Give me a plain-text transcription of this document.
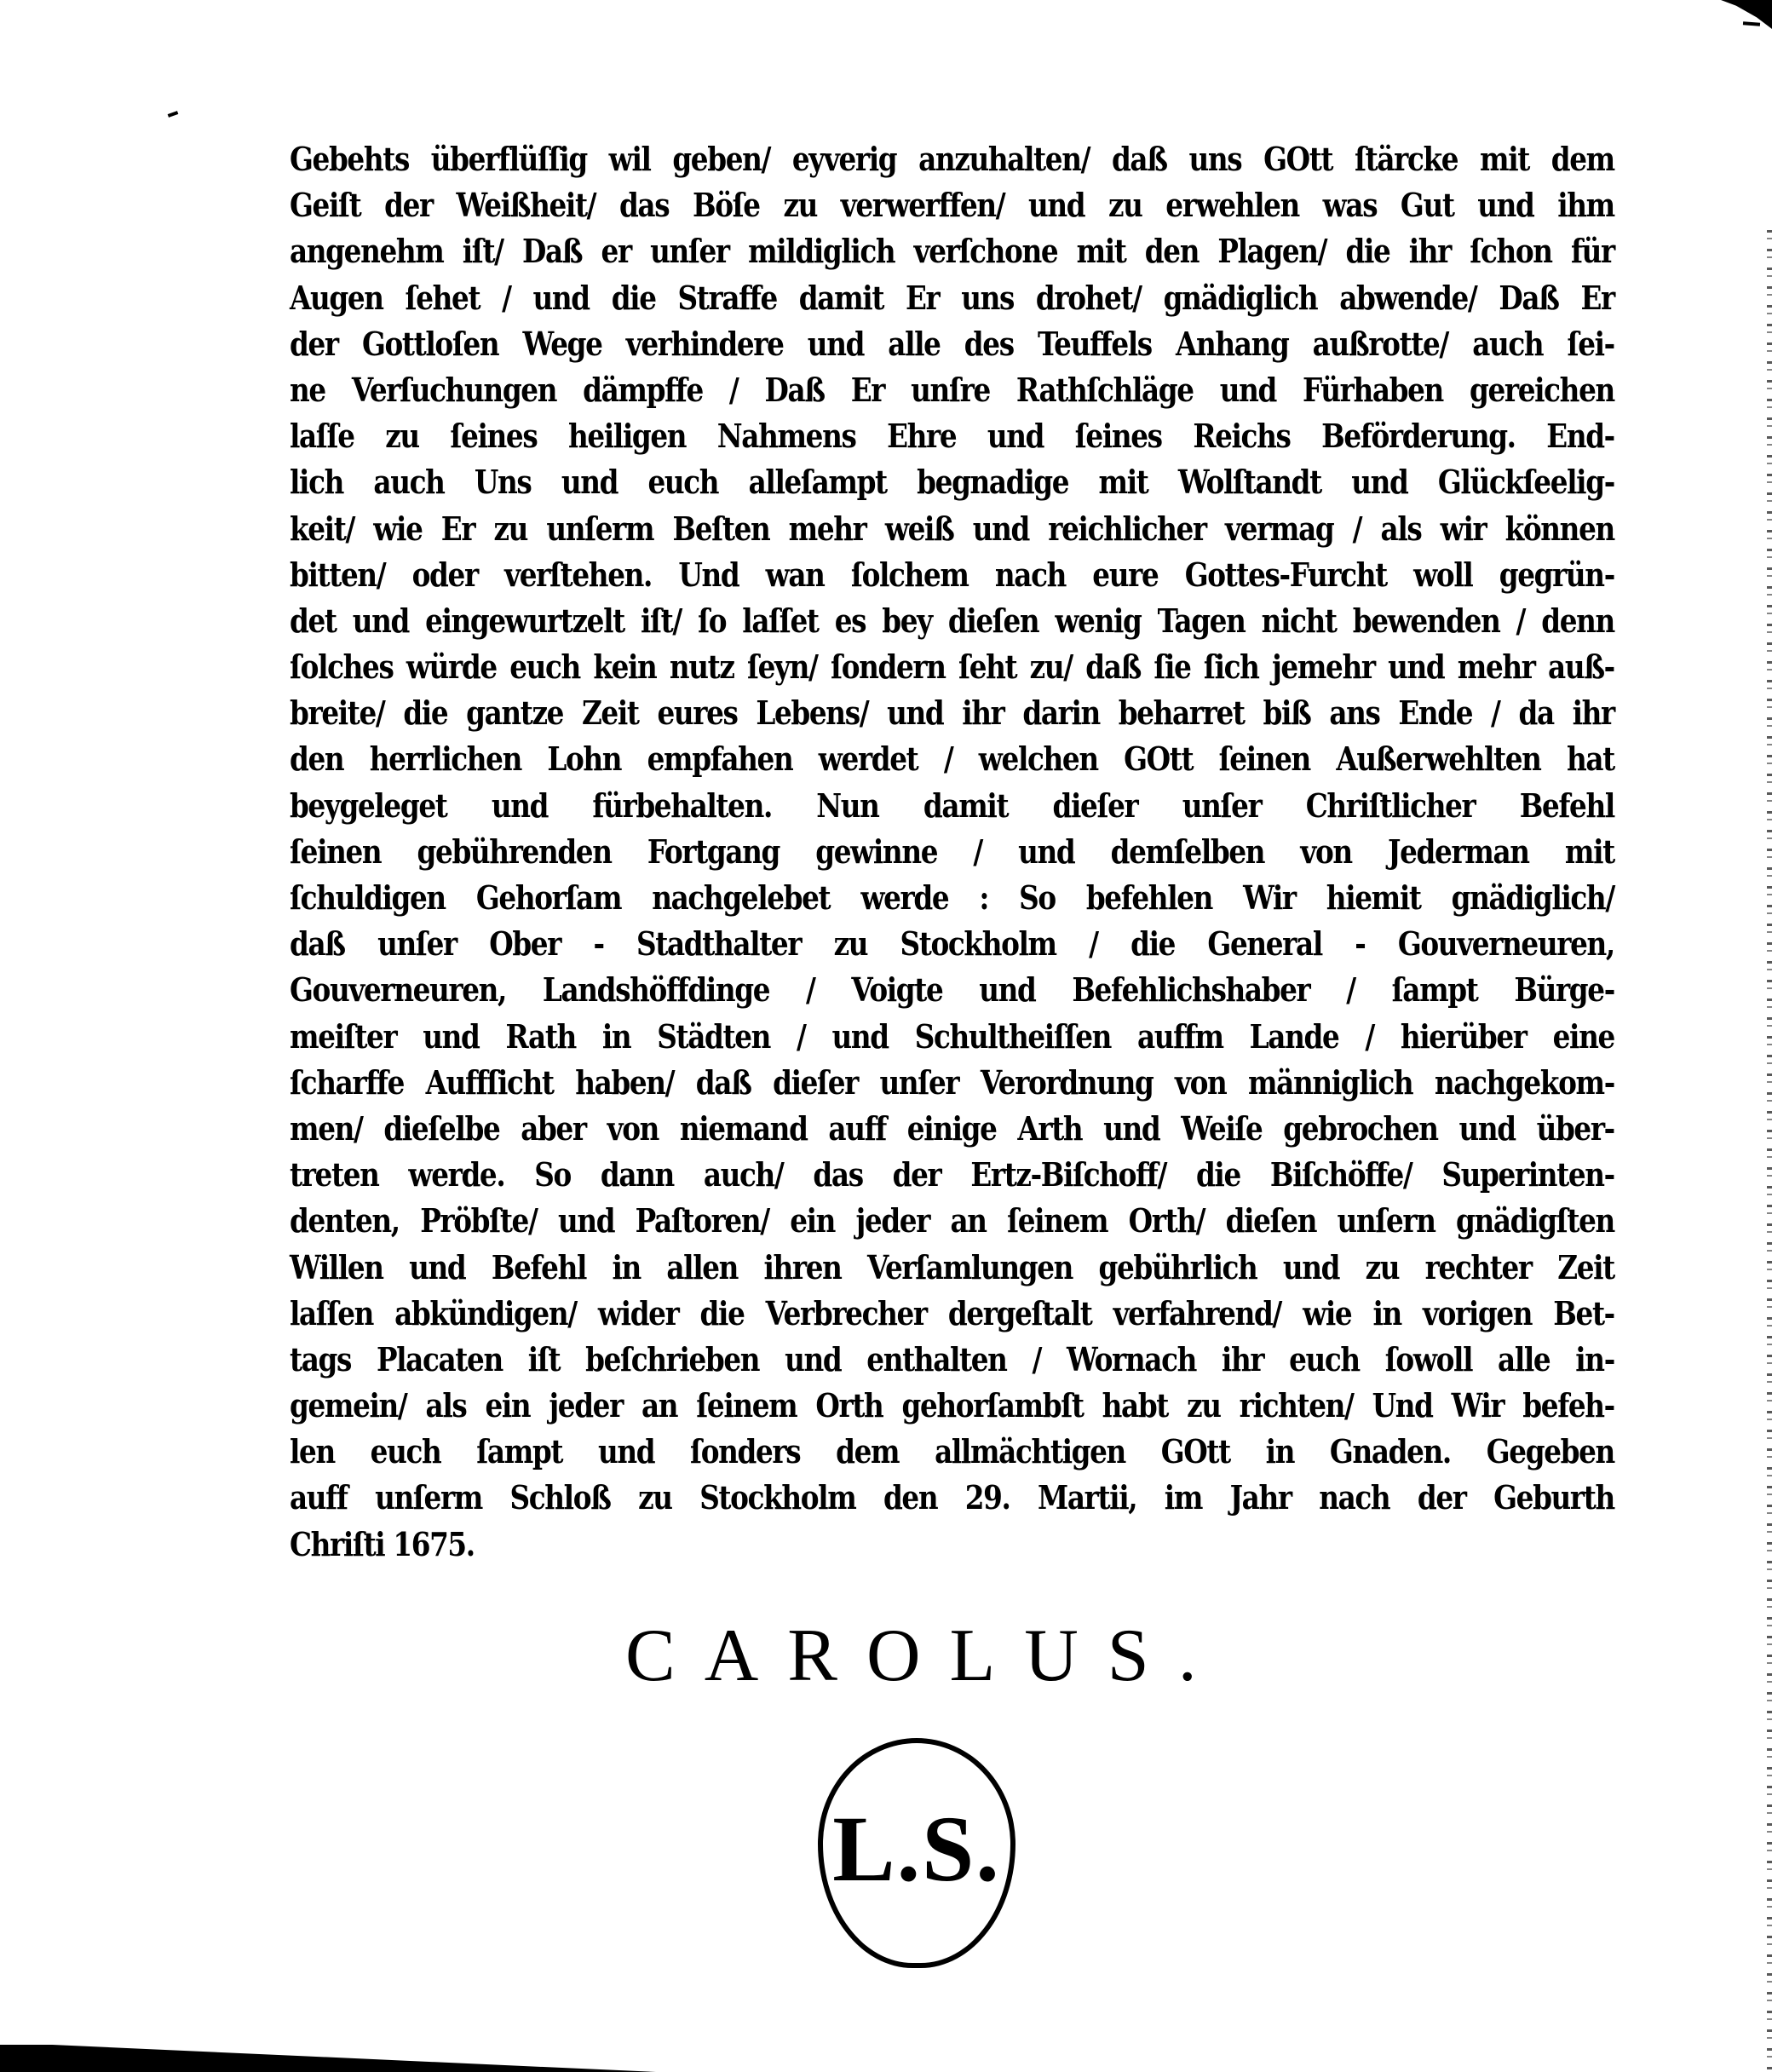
Gebehts überflüſſig wil geben/ eyverig anzuhalten/ daß uns GOtt ſtärcke mit dem
Geiſt der Weißheit/ das Böſe zu verwerffen/ und zu erwehlen was Gut und ihm
angenehm iſt/ Daß er unſer mildiglich verſchone mit den Plagen/ die ihr ſchon für
Augen ſehet / und die Straffe damit Er uns drohet/ gnädiglich abwende/ Daß Er
der Gottloſen Wege verhindere und alle des Teuffels Anhang außrotte/ auch ſei-
ne Verſuchungen dämpffe / Daß Er unſre Rathſchläge und Fürhaben gereichen
laſſe zu ſeines heiligen Nahmens Ehre und ſeines Reichs Beförderung. End-
lich auch Uns und euch alleſampt begnadige mit Wolſtandt und Glückſeelig-
keit/ wie Er zu unſerm Beſten mehr weiß und reichlicher vermag / als wir können
bitten/ oder verſtehen. Und wan ſolchem nach eure Gottes-Furcht woll gegrün-
det und eingewurtzelt iſt/ ſo laſſet es bey dieſen wenig Tagen nicht bewenden / denn
ſolches würde euch kein nutz ſeyn/ ſondern ſeht zu/ daß ſie ſich jemehr und mehr auß-
breite/ die gantze Zeit eures Lebens/ und ihr darin beharret biß ans Ende / da ihr
den herrlichen Lohn empfahen werdet / welchen GOtt ſeinen Außerwehlten hat
beygeleget und fürbehalten. Nun damit dieſer unſer Chriſtlicher Befehl
ſeinen gebührenden Fortgang gewinne / und demſelben von Jederman mit
ſchuldigen Gehorſam nachgelebet werde : So befehlen Wir hiemit gnädiglich/
daß unſer Ober - Stadthalter zu Stockholm / die General - Gouverneuren,
Gouverneuren, Landshöffdinge / Voigte und Befehlichshaber / ſampt Bürge-
meiſter und Rath in Städten / und Schultheiſſen auffm Lande / hierüber eine
ſcharffe Auffſicht haben/ daß dieſer unſer Verordnung von männiglich nachgekom-
men/ dieſelbe aber von niemand auff einige Arth und Weiſe gebrochen und über-
treten werde. So dann auch/ das der Ertz-Biſchoff/ die Biſchöffe/ Superinten-
denten, Pröbſte/ und Paſtoren/ ein jeder an ſeinem Orth/ dieſen unſern gnädigſten
Willen und Befehl in allen ihren Verſamlungen gebührlich und zu rechter Zeit
laſſen abkündigen/ wider die Verbrecher dergeſtalt verfahrend/ wie in vorigen Bet-
tags Placaten iſt beſchrieben und enthalten / Wornach ihr euch ſowoll alle in-
gemein/ als ein jeder an ſeinem Orth gehorſambſt habt zu richten/ Und Wir befeh-
len euch ſampt und ſonders dem allmächtigen GOtt in Gnaden. Gegeben
auff unſerm Schloß zu Stockholm den 29. Martii, im Jahr nach der Geburth
Chriſti 1675.
CAROLUS.
L.S.
